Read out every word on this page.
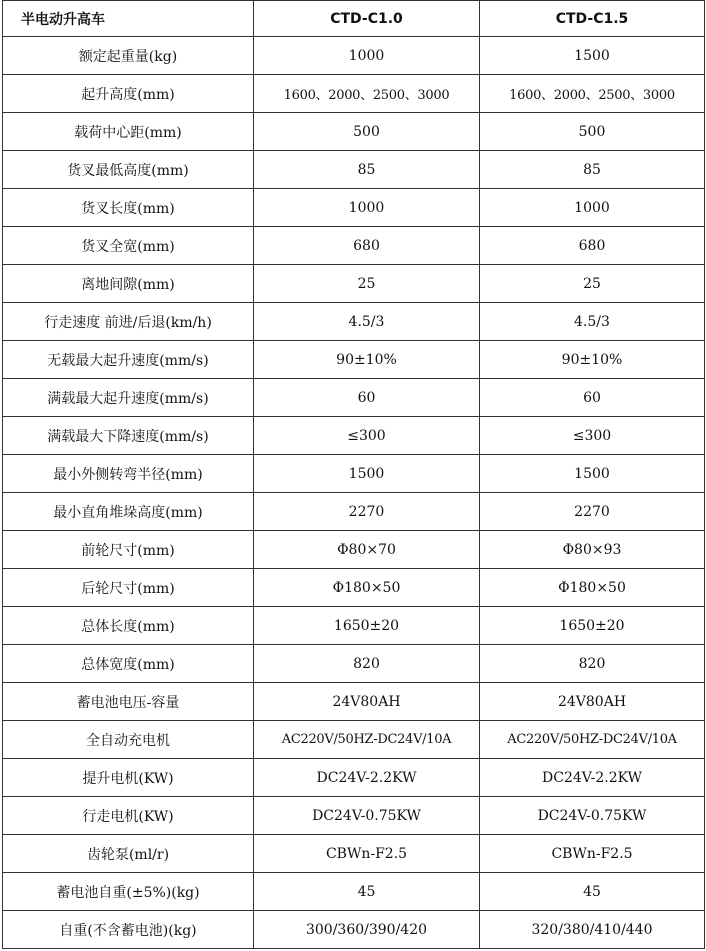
半电动升高车	CTD-C1.0	CTD-C1.5
额定起重量(kg)	1000	1500
起升高度(mm)	1600、2000、2500、3000	1600、2000、2500、3000
载荷中心距(mm)	500	500
货叉最低高度(mm)	85	85
货叉长度(mm)	1000	1000
货叉全宽(mm)	680	680
离地间隙(mm)	25	25
行走速度 前进/后退(km/h)	4.5/3	4.5/3
无载最大起升速度(mm/s)	90±10%	90±10%
满载最大起升速度(mm/s)	60	60
满载最大下降速度(mm/s)	≤300	≤300
最小外侧转弯半径(mm)	1500	1500
最小直角堆垛高度(mm)	2270	2270
前轮尺寸(mm)	Φ80×70	Φ80×93
后轮尺寸(mm)	Φ180×50	Φ180×50
总体长度(mm)	1650±20	1650±20
总体宽度(mm)	820	820
蓄电池电压-容量	24V80AH	24V80AH
全自动充电机	AC220V/50HZ-DC24V/10A	AC220V/50HZ-DC24V/10A
提升电机(KW)	DC24V-2.2KW	DC24V-2.2KW
行走电机(KW)	DC24V-0.75KW	DC24V-0.75KW
齿轮泵(ml/r)	CBWn-F2.5	CBWn-F2.5
蓄电池自重(±5%)(kg)	45	45
自重(不含蓄电池)(kg)	300/360/390/420	320/380/410/440
